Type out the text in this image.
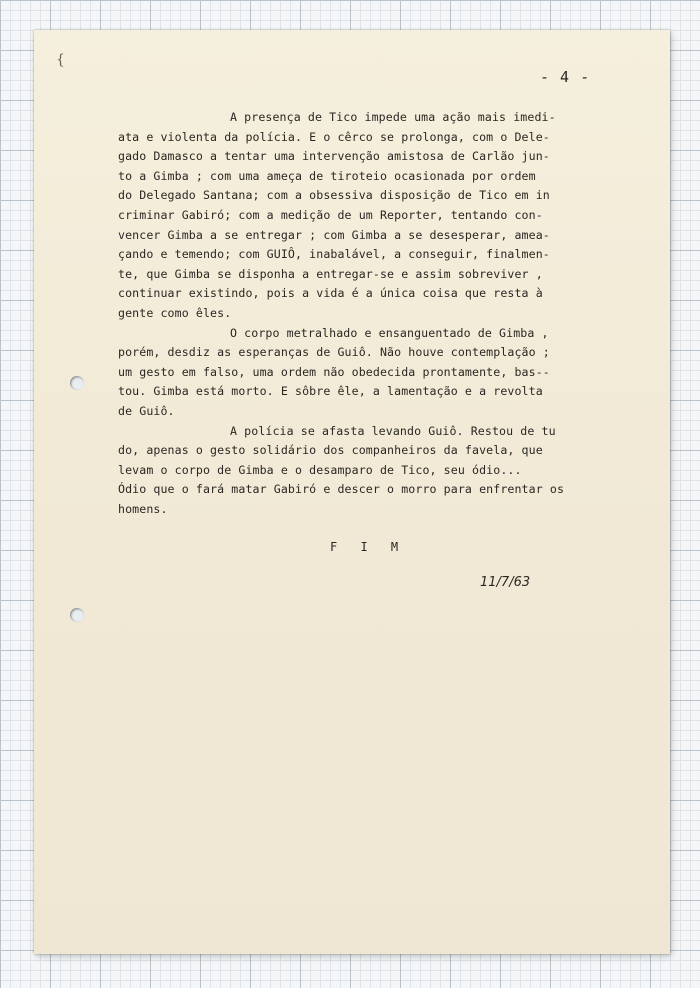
{
- 4 -
A presença de Tico impede uma ação mais imedi-
ata e violenta da polícia. E o cêrco se prolonga, com o Dele-
gado Damasco a tentar uma intervenção amistosa de Carlão jun-
to a Gimba ; com uma ameça de tiroteio ocasionada por ordem
do Delegado Santana; com a obsessiva disposição de Tico em in
criminar Gabiró; com a medição de um Reporter, tentando con-
vencer Gimba a se entregar ; com Gimba a se desesperar, amea-
çando e temendo; com GUIÔ, inabalável, a conseguir, finalmen-
te, que Gimba se disponha a entregar-se e assim sobreviver ,
continuar existindo, pois a vida é a única coisa que resta à
gente como êles.
O corpo metralhado e ensanguentado de Gimba ,
porém, desdiz as esperanças de Guiô. Não houve contemplação ;
um gesto em falso, uma ordem não obedecida prontamente, bas--
tou. Gimba está morto. E sôbre êle, a lamentação e a revolta
de Guiô.
A polícia se afasta levando Guiô. Restou de tu
do, apenas o gesto solidário dos companheiros da favela, que
levam o corpo de Gimba e o desamparo de Tico, seu ódio...
Ódio que o fará matar Gabiró e descer o morro para enfrentar os
homens.
F I M
11/7/63
